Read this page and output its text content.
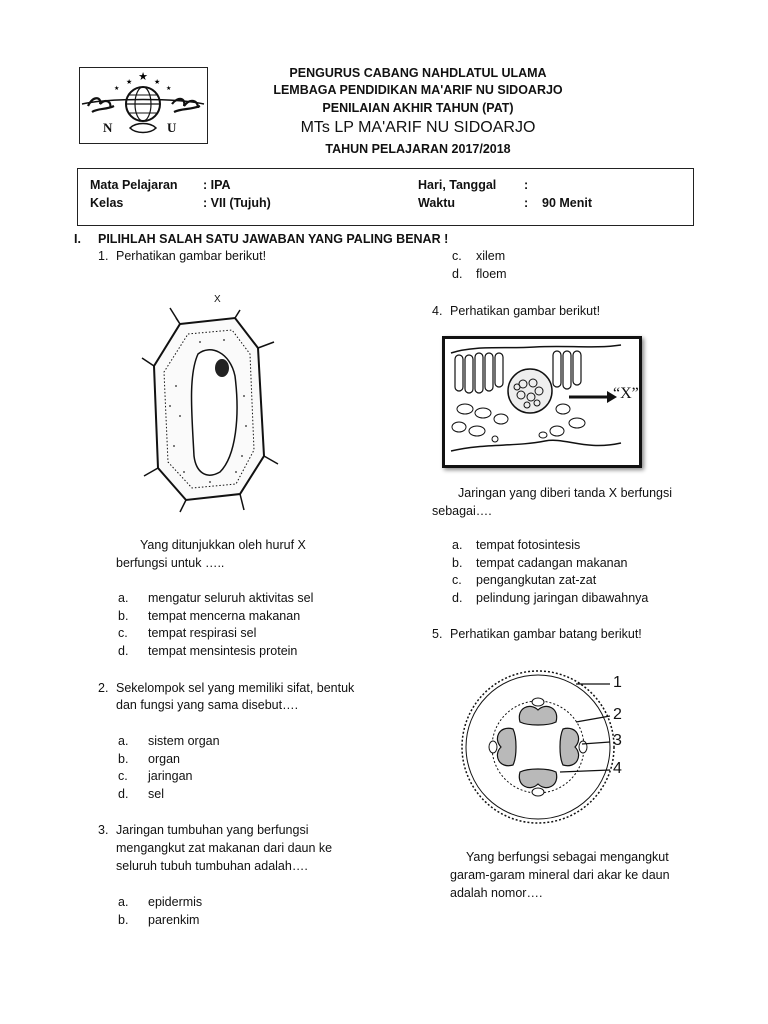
★
★	★
★	★
N	U
PENGURUS CABANG NAHDLATUL ULAMA
LEMBAGA PENDIDIKAN MA'ARIF NU SIDOARJO
PENILAIAN AKHIR TAHUN (PAT)
MTs LP MA'ARIF NU SIDOARJO
TAHUN PELAJARAN 2017/2018
Mata Pelajaran : IPA
Kelas	: VII (Tujuh)
Hari, Tanggal :
Waktu	: 90 Menit
I. PILIHLAH SALAH SATU JAWABAN YANG PALING BENAR !
1. Perhatikan gambar berikut!
X
Yang ditunjukkan oleh huruf X
berfungsi untuk …..
a. mengatur seluruh aktivitas sel
b. tempat mencerna makanan
c. tempat respirasi sel
d. tempat mensintesis protein
2. Sekelompok sel yang memiliki sifat, bentuk
dan fungsi yang sama disebut….
a. sistem organ
b. organ
c. jaringan
d. sel
3. Jaringan tumbuhan yang berfungsi
mengangkut zat makanan dari daun ke
seluruh tubuh tumbuhan adalah….
a. epidermis
b. parenkim
c. xilem
d. floem
4. Perhatikan gambar berikut!
“X”
Jaringan yang diberi tanda X berfungsi
sebagai….
a. tempat fotosintesis
b. tempat cadangan makanan
c. pengangkutan zat-zat
d. pelindung jaringan dibawahnya
5. Perhatikan gambar batang berikut!
1
2
3
4
Yang berfungsi sebagai mengangkut
garam-garam mineral dari akar ke daun
adalah nomor….
